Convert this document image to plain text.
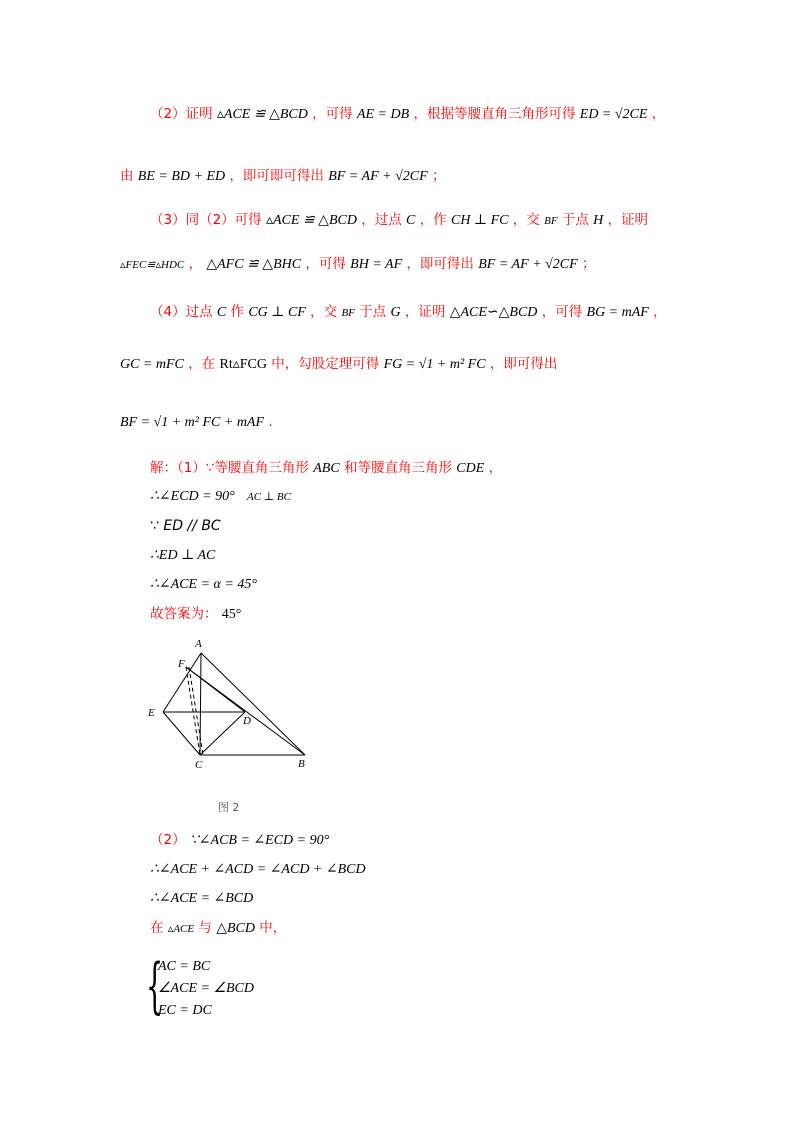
（2）证明 ▵ACE ≌ △BCD ，可得 AE = DB ，根据等腰直角三角形可得 ED = √2CE ，
由 BE = BD + ED ，即可即可得出 BF = AF + √2CF ；
（3）同（2）可得 ▵ACE ≌ △BCD ，过点 C ，作 CH ⊥ FC ，交 BF 于点 H ，证明
▵FEC≌▵HDC ， △AFC ≌ △BHC ，可得 BH = AF ，即可得出 BF = AF + √2CF ；
（4）过点 C 作 CG ⊥ CF ，交 BF 于点 G ，证明 △ACE∽△BCD ，可得 BG = mAF ，
GC = mFC ，在 Rt▵FCG 中，勾股定理可得 FG = √1 + m² FC ，即可得出
BF = √1 + m² FC + mAF .
解：（1）∵等腰直角三角形 ABC 和等腰直角三角形 CDE ，
∴∠ECD = 90° AC ⊥ BC
∵ ED // BC
∴ED ⊥ AC
∴∠ACE = α = 45°
故答案为： 45°
A
F
E
D
C	B
图 2
（2） ∵∠ACB = ∠ECD = 90°
∴∠ACE + ∠ACD = ∠ACD + ∠BCD
∴∠ACE = ∠BCD
在 ▵ACE 与 △BCD 中，
{
AC = BC
∠ACE = ∠BCD
EC = DC
